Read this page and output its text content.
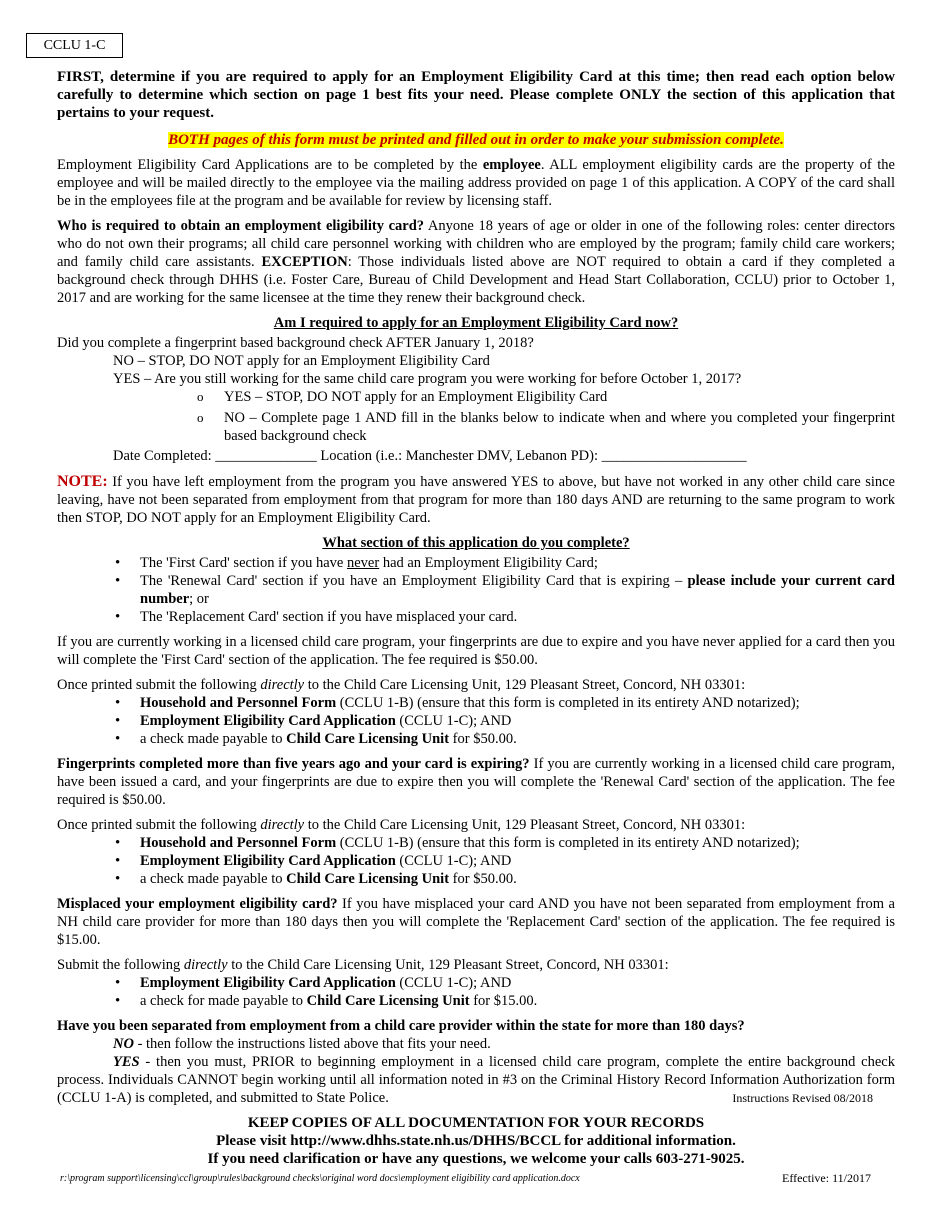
CCLU 1-C

FIRST, determine if you are required to apply for an Employment Eligibility Card at this time; then read each option below carefully to determine which section on page 1 best fits your need. Please complete ONLY the section of this application that pertains to your request.

BOTH pages of this form must be printed and filled out in order to make your submission complete.

Employment Eligibility Card Applications are to be completed by the employee. ALL employment eligibility cards are the property of the employee and will be mailed directly to the employee via the mailing address provided on page 1 of this application. A COPY of the card shall be in the employees file at the program and be available for review by licensing staff.

Who is required to obtain an employment eligibility card? Anyone 18 years of age or older in one of the following roles: center directors who do not own their programs; all child care personnel working with children who are employed by the program; family child care workers; and family child care assistants. EXCEPTION: Those individuals listed above are NOT required to obtain a card if they completed a background check through DHHS (i.e. Foster Care, Bureau of Child Development and Head Start Collaboration, CCLU) prior to October 1, 2017 and are working for the same licensee at the time they renew their background check.

Am I required to apply for an Employment Eligibility Card now?

Did you complete a fingerprint based background check AFTER January 1, 2018?

NO – STOP, DO NOT apply for an Employment Eligibility Card

YES – Are you still working for the same child care program you were working for before October 1, 2017?

o YES – STOP, DO NOT apply for an Employment Eligibility Card
o NO – Complete page 1 AND fill in the blanks below to indicate when and where you completed your fingerprint based background check

Date Completed: ______________ Location (i.e.: Manchester DMV, Lebanon PD): ____________________

NOTE: If you have left employment from the program you have answered YES to above, but have not worked in any other child care since leaving, have not been separated from employment from that program for more than 180 days AND are returning to the same program to work then STOP, DO NOT apply for an Employment Eligibility Card.

What section of this application do you complete?

• The 'First Card' section if you have never had an Employment Eligibility Card;
• The 'Renewal Card' section if you have an Employment Eligibility Card that is expiring – please include your current card number; or
• The 'Replacement Card' section if you have misplaced your card.

If you are currently working in a licensed child care program, your fingerprints are due to expire and you have never applied for a card then you will complete the 'First Card' section of the application. The fee required is $50.00.

Once printed submit the following directly to the Child Care Licensing Unit, 129 Pleasant Street, Concord, NH 03301:

• Household and Personnel Form (CCLU 1-B) (ensure that this form is completed in its entirety AND notarized);
• Employment Eligibility Card Application (CCLU 1-C); AND
• a check made payable to Child Care Licensing Unit for $50.00.

Fingerprints completed more than five years ago and your card is expiring? If you are currently working in a licensed child care program, have been issued a card, and your fingerprints are due to expire then you will complete the 'Renewal Card' section of the application. The fee required is $50.00.

Once printed submit the following directly to the Child Care Licensing Unit, 129 Pleasant Street, Concord, NH 03301:

• Household and Personnel Form (CCLU 1-B) (ensure that this form is completed in its entirety AND notarized);
• Employment Eligibility Card Application (CCLU 1-C); AND
• a check made payable to Child Care Licensing Unit for $50.00.

Misplaced your employment eligibility card? If you have misplaced your card AND you have not been separated from employment from a NH child care provider for more than 180 days then you will complete the 'Replacement Card' section of the application. The fee required is $15.00.

Submit the following directly to the Child Care Licensing Unit, 129 Pleasant Street, Concord, NH 03301:

• Employment Eligibility Card Application (CCLU 1-C); AND
• a check for made payable to Child Care Licensing Unit for $15.00.

Have you been separated from employment from a child care provider within the state for more than 180 days?

NO - then follow the instructions listed above that fits your need.

YES - then you must, PRIOR to beginning employment in a licensed child care program, complete the entire background check process. Individuals CANNOT begin working until all information noted in #3 on the Criminal History Record Information Authorization form (CCLU 1-A) is completed, and submitted to State Police.	Instructions Revised 08/2018

KEEP COPIES OF ALL DOCUMENTATION FOR YOUR RECORDS
Please visit http://www.dhhs.state.nh.us/DHHS/BCCL for additional information.
If you need clarification or have any questions, we welcome your calls 603-271-9025.
r:\program support\licensing\ccl\group\rules\background checks\original word docs\employment eligibility card application.docx	Effective: 11/2017
